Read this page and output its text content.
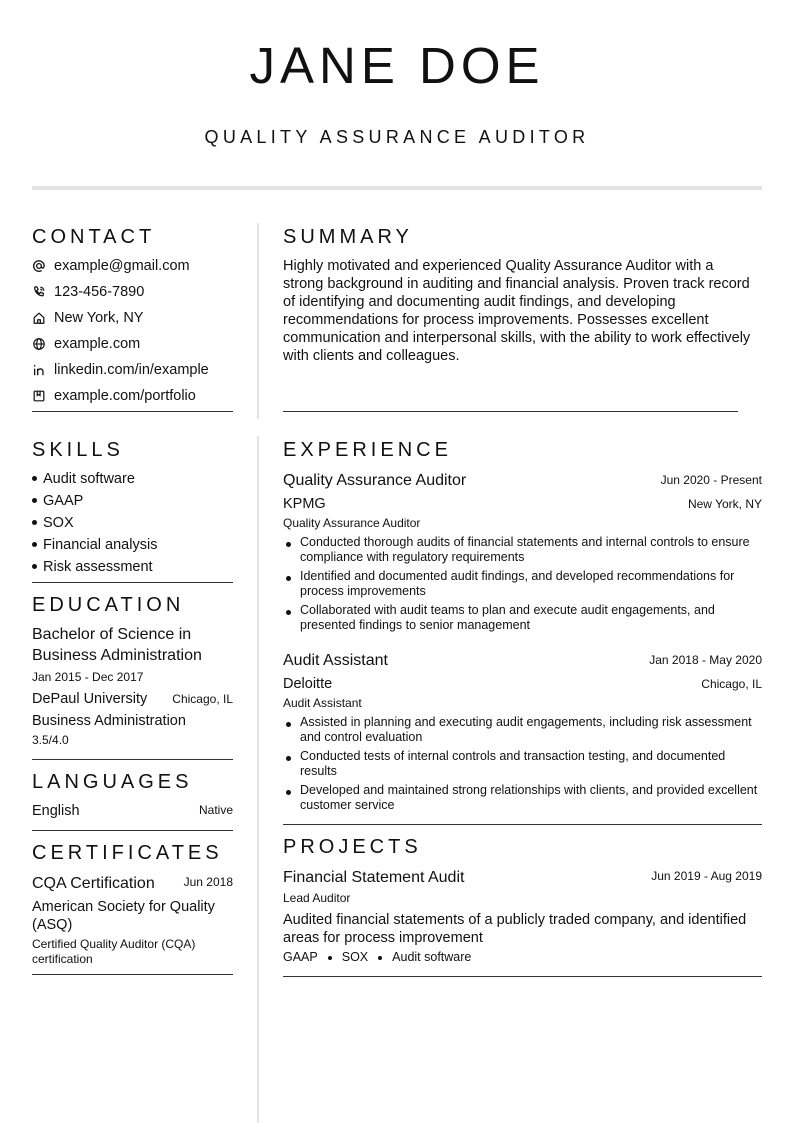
JANE DOE
QUALITY ASSURANCE AUDITOR
CONTACT
example@gmail.com
123-456-7890
New York, NY
example.com
linkedin.com/in/example
example.com/portfolio
SKILLS
Audit software
GAAP
SOX
Financial analysis
Risk assessment
EDUCATION
Bachelor of Science in
Business Administration
Jan 2015 - Dec 2017
DePaul University	Chicago, IL
Business Administration
3.5/4.0
LANGUAGES
English	Native
CERTIFICATES
CQA Certification	Jun 2018
American Society for Quality
(ASQ)
Certified Quality Auditor (CQA)
certification
SUMMARY
Highly motivated and experienced Quality Assurance Auditor with a strong background in auditing and financial analysis. Proven track record of identifying and documenting audit findings, and developing recommendations for process improvements. Possesses excellent communication and interpersonal skills, with the ability to work effectively with clients and colleagues.
EXPERIENCE
Quality Assurance Auditor	Jun 2020 - Present
KPMG	New York, NY
Quality Assurance Auditor
Conducted thorough audits of financial statements and internal controls to ensure compliance with regulatory requirements
Identified and documented audit findings, and developed recommendations for process improvements
Collaborated with audit teams to plan and execute audit engagements, and presented findings to senior management
Audit Assistant	Jan 2018 - May 2020
Deloitte	Chicago, IL
Audit Assistant
Assisted in planning and executing audit engagements, including risk assessment and control evaluation
Conducted tests of internal controls and transaction testing, and documented results
Developed and maintained strong relationships with clients, and provided excellent customer service
PROJECTS
Financial Statement Audit	Jun 2019 - Aug 2019
Lead Auditor
Audited financial statements of a publicly traded company, and identified areas for process improvement
GAAP SOX Audit software
